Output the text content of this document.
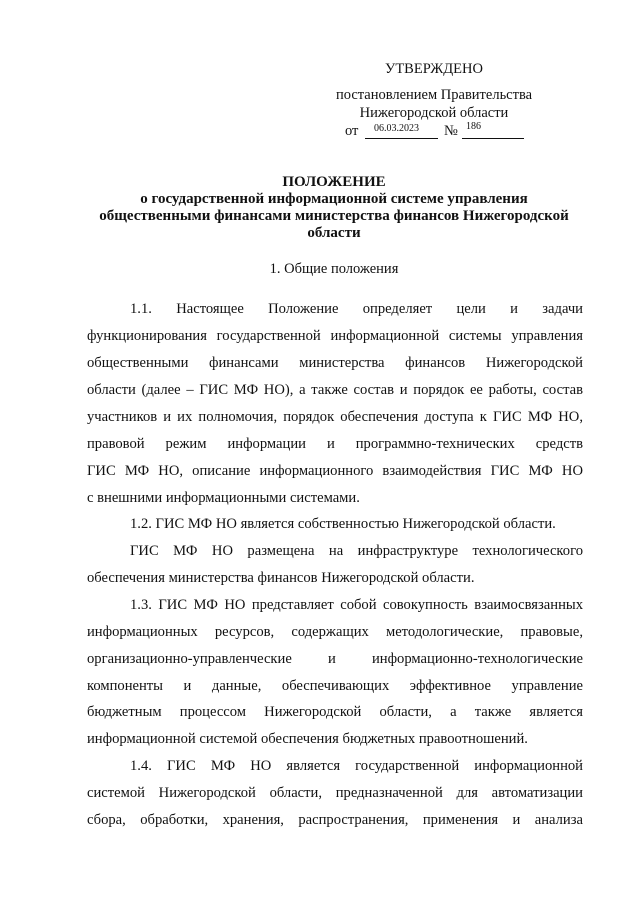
УТВЕРЖДЕНО
постановлением Правительства
Нижегородской области
от 06.03.2023 № 186
ПОЛОЖЕНИЕ
о государственной информационной системе управления
общественными финансами министерства финансов Нижегородской
области
1. Общие положения
1.1. Настоящее Положение определяет цели и задачи
функционирования государственной информационной системы управления
общественными финансами министерства финансов Нижегородской
области (далее – ГИС МФ НО), а также состав и порядок ее работы, состав
участников и их полномочия, порядок обеспечения доступа к ГИС МФ НО,
правовой режим информации и программно-технических средств
ГИС МФ НО, описание информационного взаимодействия ГИС МФ НО
с внешними информационными системами.
1.2. ГИС МФ НО является собственностью Нижегородской области.
ГИС МФ НО размещена на инфраструктуре технологического
обеспечения министерства финансов Нижегородской области.
1.3. ГИС МФ НО представляет собой совокупность взаимосвязанных
информационных ресурсов, содержащих методологические, правовые,
организационно-управленческие и информационно-технологические
компоненты и данные, обеспечивающих эффективное управление
бюджетным процессом Нижегородской области, а также является
информационной системой обеспечения бюджетных правоотношений.
1.4. ГИС МФ НО является государственной информационной
системой Нижегородской области, предназначенной для автоматизации
сбора, обработки, хранения, распространения, применения и анализа
